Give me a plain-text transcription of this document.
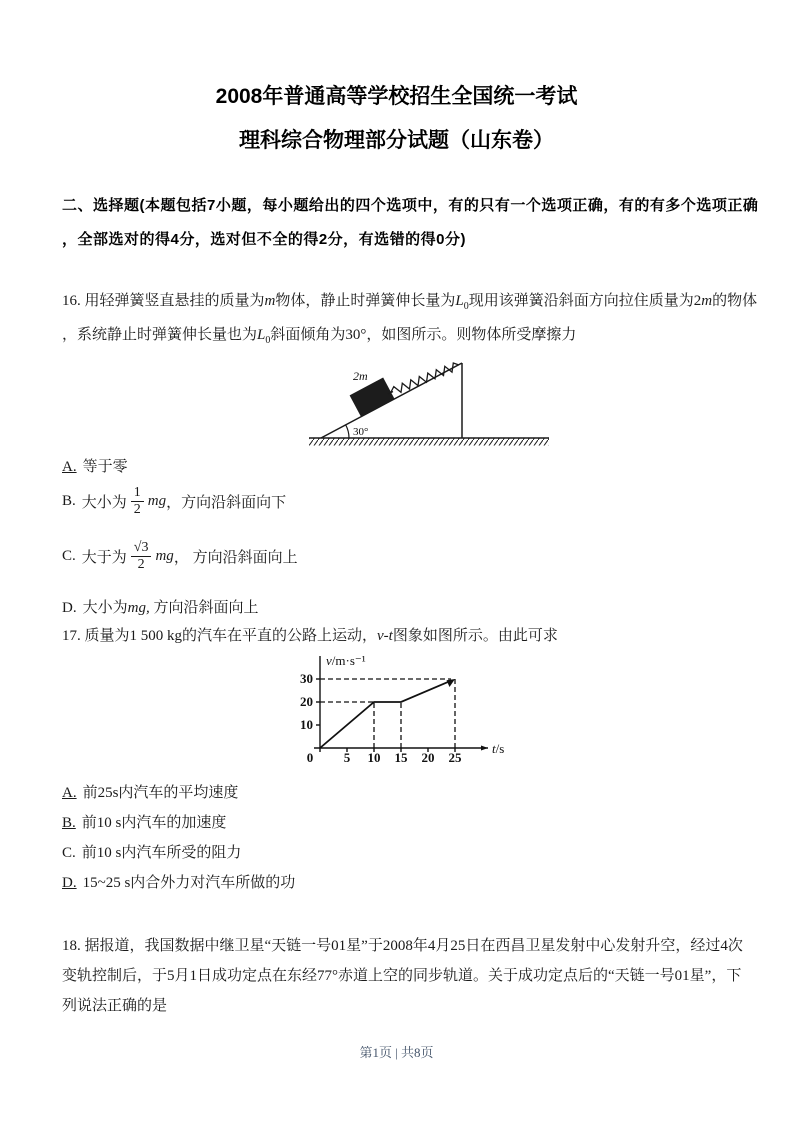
2008年普通高等学校招生全国统一考试
理科综合物理部分试题（山东卷）
二、选择题(本题包括7小题，每小题给出的四个选项中，有的只有一个选项正确，有的有多个选项正确
，全部选对的得4分，选对但不全的得2分，有选错的得0分)
16. 用轻弹簧竖直悬挂的质量为m物体，静止时弹簧伸长量为$L_0$现用该弹簧沿斜面方向拉住质量为2m的物体
，系统静止时弹簧伸长量也为$L_0$斜面倾角为30°，如图所示。则物体所受摩擦力
30°
2m
A. 等于零
B. 大小为 $\frac{1}{2}$ mg ，方向沿斜面向下
C. 大于为 $\frac{√3}{2}$ mg ， 方向沿斜面向上
D. 大小为mg, 方向沿斜面向上
17. 质量为1 500 kg的汽车在平直的公路上运动，v-t图象如图所示。由此可求
v/m·s⁻¹
t/s
0 5 10 15 20 25
10
20
30
A. 前25s内汽车的平均速度
B. 前10 s内汽车的加速度
C. 前10 s内汽车所受的阻力
D. 15~25 s内合外力对汽车所做的功
18. 据报道，我国数据中继卫星“天链一号01星”于2008年4月25日在西昌卫星发射中心发射升空，经过4次
变轨控制后，于5月1日成功定点在东经77°赤道上空的同步轨道。关于成功定点后的“天链一号01星”，下
列说法正确的是
第1页 | 共8页
